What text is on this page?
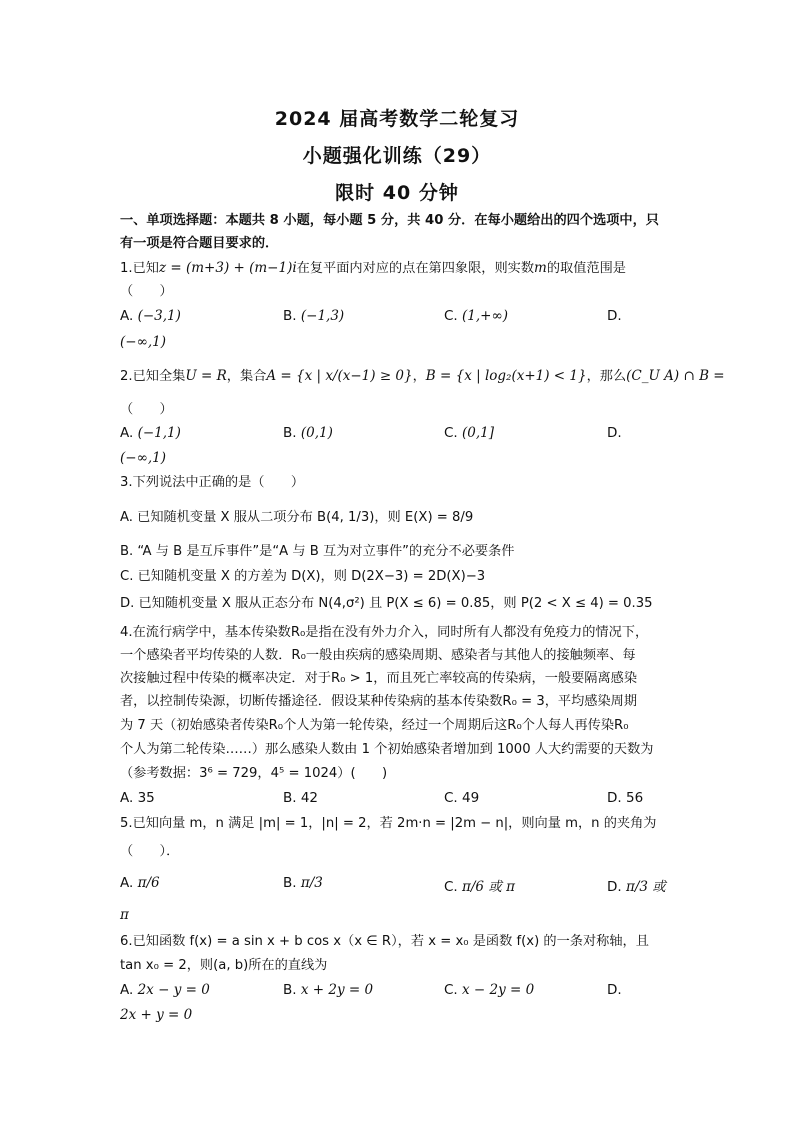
2024 届高考数学二轮复习
小题强化训练（29）
限时 40 分钟
一、单项选择题：本题共 8 小题，每小题 5 分，共 40 分．在每小题给出的四个选项中，只
有一项是符合题目要求的．
1.已知z = (m+3) + (m−1)i在复平面内对应的点在第四象限，则实数m的取值范围是
（　　）
A. (−3,1)	B. (−1,3)	C. (1,+∞)	D.
(−∞,1)
2.已知全集U = R，集合A = {x | x/(x−1) ≥ 0}，B = {x | log₂(x+1) < 1}，那么(C_U A) ∩ B =
（　　）
A. (−1,1)	B. (0,1)	C. (0,1]	D.
(−∞,1)
3.下列说法中正确的是（　　）
A. 已知随机变量 X 服从二项分布 B(4, 1/3)，则 E(X) = 8/9
B. “A 与 B 是互斥事件”是“A 与 B 互为对立事件”的充分不必要条件
C. 已知随机变量 X 的方差为 D(X)，则 D(2X−3) = 2D(X)−3
D. 已知随机变量 X 服从正态分布 N(4,σ²) 且 P(X ≤ 6) = 0.85，则 P(2 < X ≤ 4) = 0.35
4.在流行病学中，基本传染数R₀是指在没有外力介入，同时所有人都没有免疫力的情况下，
一个感染者平均传染的人数．R₀一般由疾病的感染周期、感染者与其他人的接触频率、每
次接触过程中传染的概率决定．对于R₀ > 1，而且死亡率较高的传染病，一般要隔离感染
者，以控制传染源，切断传播途径．假设某种传染病的基本传染数R₀ = 3，平均感染周期
为 7 天（初始感染者传染R₀个人为第一轮传染，经过一个周期后这R₀个人每人再传染R₀
个人为第二轮传染……）那么感染人数由 1 个初始感染者增加到 1000 人大约需要的天数为
（参考数据：3⁶ = 729，4⁵ = 1024）(　　)
A. 35	B. 42	C. 49	D. 56
5.已知向量 m，n 满足 |m| = 1，|n| = 2，若 2m·n = |2m − n|，则向量 m，n 的夹角为
（　　）．
A. π/6	B. π/3	C. π/6 或 π	D. π/3 或
π
6.已知函数 f(x) = a sin x + b cos x（x ∈ R），若 x = x₀ 是函数 f(x) 的一条对称轴，且
tan x₀ = 2，则(a, b)所在的直线为
A. 2x − y = 0	B. x + 2y = 0	C. x − 2y = 0	D.
2x + y = 0
